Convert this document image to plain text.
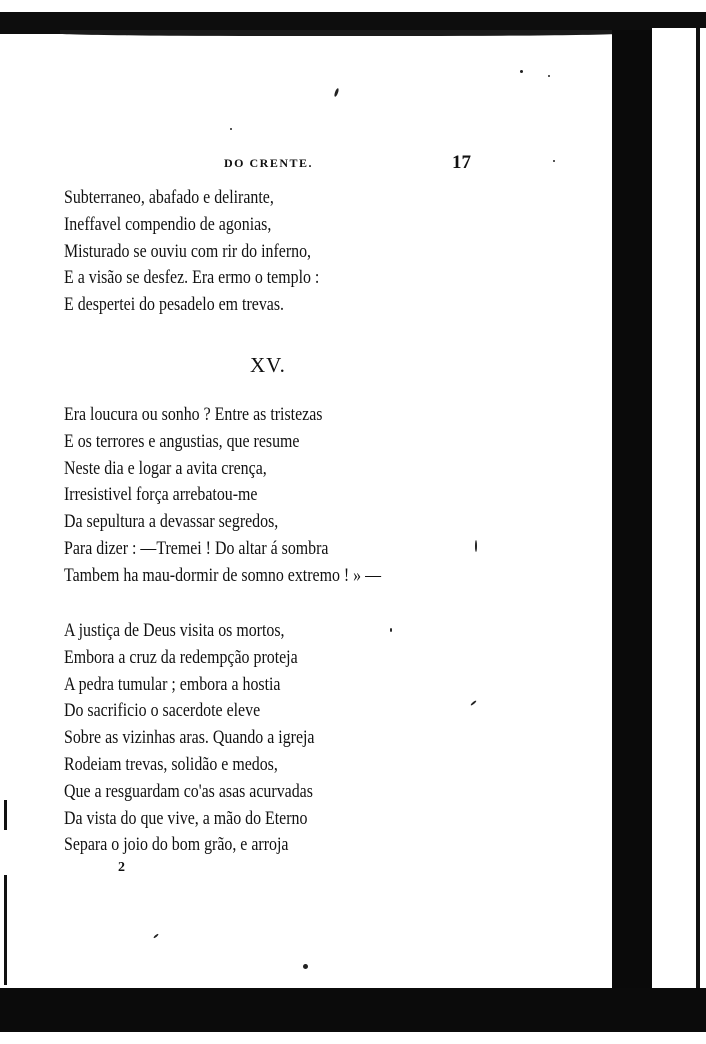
DO CRENTE.	17
Subterraneo, abafado e delirante,
Ineffavel compendio de agonias,
Misturado se ouviu com rir do inferno,
E a visão se desfez. Era ermo o templo :
E despertei do pesadelo em trevas.
XV.
Era loucura ou sonho ? Entre as tristezas
E os terrores e angustias, que resume
Neste dia e logar a avita crença,
Irresistivel força arrebatou-me
Da sepultura a devassar segredos,
Para dizer : —Tremei ! Do altar á sombra
Tambem ha mau-dormir de somno extremo ! » —
A justiça de Deus visita os mortos,
Embora a cruz da redempção proteja
A pedra tumular ; embora a hostia
Do sacrificio o sacerdote eleve
Sobre as vizinhas aras. Quando a igreja
Rodeiam trevas, solidão e medos,
Que a resguardam co'as asas acurvadas
Da vista do que vive, a mão do Eterno
Separa o joio do bom grão, e arroja
2
